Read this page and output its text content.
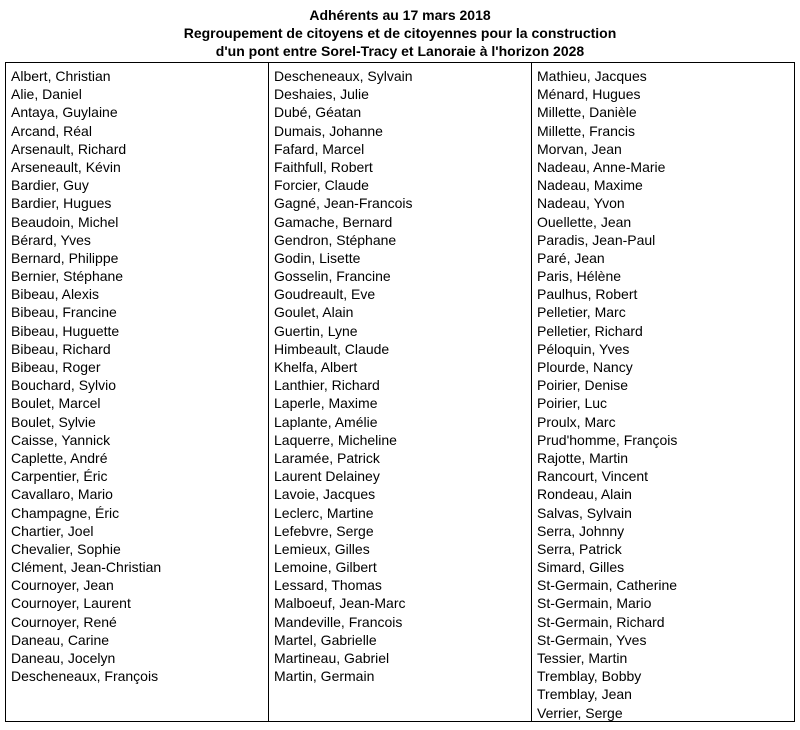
Adhérents au 17 mars 2018
Regroupement de citoyens et de citoyennes pour la construction
d'un pont entre Sorel-Tracy et Lanoraie à l'horizon 2028
Albert, Christian
Alie, Daniel
Antaya, Guylaine
Arcand, Réal
Arsenault, Richard
Arseneault, Kévin
Bardier, Guy
Bardier, Hugues
Beaudoin, Michel
Bérard, Yves
Bernard, Philippe
Bernier, Stéphane
Bibeau, Alexis
Bibeau, Francine
Bibeau, Huguette
Bibeau, Richard
Bibeau, Roger
Bouchard, Sylvio
Boulet, Marcel
Boulet, Sylvie
Caisse, Yannick
Caplette, André
Carpentier, Éric
Cavallaro, Mario
Champagne, Éric
Chartier, Joel
Chevalier, Sophie
Clément, Jean-Christian
Cournoyer, Jean
Cournoyer, Laurent
Cournoyer, René
Daneau, Carine
Daneau, Jocelyn
Descheneaux, François
Descheneaux, Sylvain
Deshaies, Julie
Dubé, Géatan
Dumais, Johanne
Fafard, Marcel
Faithfull, Robert
Forcier, Claude
Gagné, Jean-Francois
Gamache, Bernard
Gendron, Stéphane
Godin, Lisette
Gosselin, Francine
Goudreault, Eve
Goulet, Alain
Guertin, Lyne
Himbeault, Claude
Khelfa, Albert
Lanthier, Richard
Laperle, Maxime
Laplante, Amélie
Laquerre, Micheline
Laramée, Patrick
Laurent Delainey
Lavoie, Jacques
Leclerc, Martine
Lefebvre, Serge
Lemieux, Gilles
Lemoine, Gilbert
Lessard, Thomas
Malboeuf, Jean-Marc
Mandeville, Francois
Martel, Gabrielle
Martineau, Gabriel
Martin, Germain
Mathieu, Jacques
Ménard, Hugues
Millette, Danièle
Millette, Francis
Morvan, Jean
Nadeau, Anne-Marie
Nadeau, Maxime
Nadeau, Yvon
Ouellette, Jean
Paradis, Jean-Paul
Paré, Jean
Paris, Hélène
Paulhus, Robert
Pelletier, Marc
Pelletier, Richard
Péloquin, Yves
Plourde, Nancy
Poirier, Denise
Poirier, Luc
Proulx, Marc
Prud'homme, François
Rajotte, Martin
Rancourt, Vincent
Rondeau, Alain
Salvas, Sylvain
Serra, Johnny
Serra, Patrick
Simard, Gilles
St-Germain, Catherine
St-Germain, Mario
St-Germain, Richard
St-Germain, Yves
Tessier, Martin
Tremblay, Bobby
Tremblay, Jean
Verrier, Serge
